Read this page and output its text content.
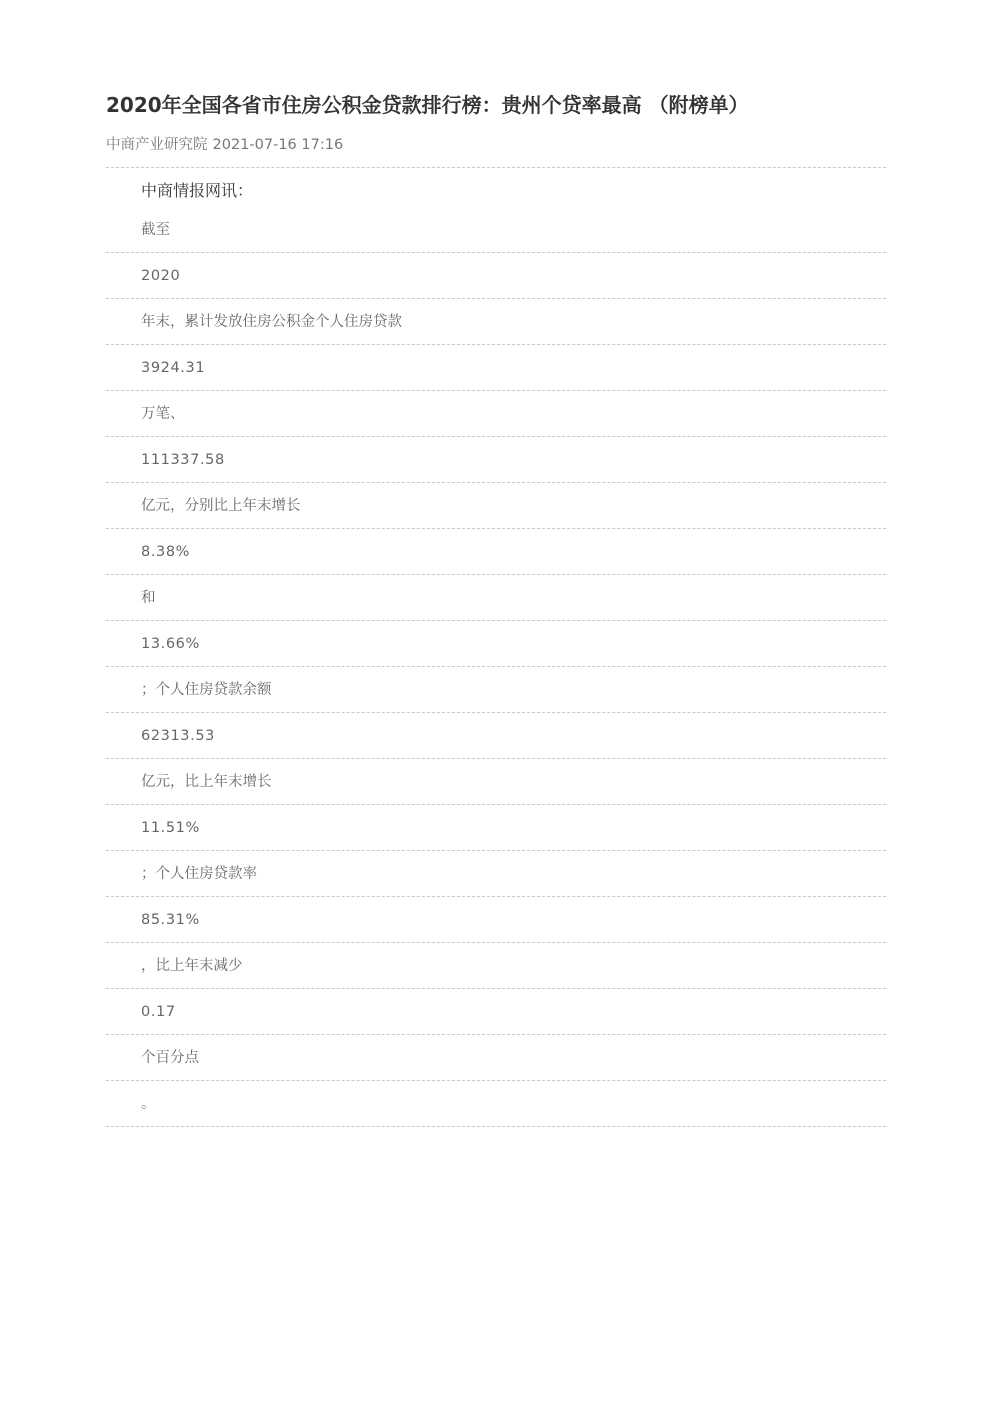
2020年全国各省市住房公积金贷款排行榜：贵州个贷率最高 （附榜单）
中商产业研究院 2021-07-16 17:16
中商情报网讯：
截至
2020
年末，累计发放住房公积金个人住房贷款
3924.31
万笔、
111337.58
亿元，分别比上年末增长
8.38%
和
13.66%
；个人住房贷款余额
62313.53
亿元，比上年末增长
11.51%
；个人住房贷款率
85.31%
，比上年末减少
0.17
个百分点
。
